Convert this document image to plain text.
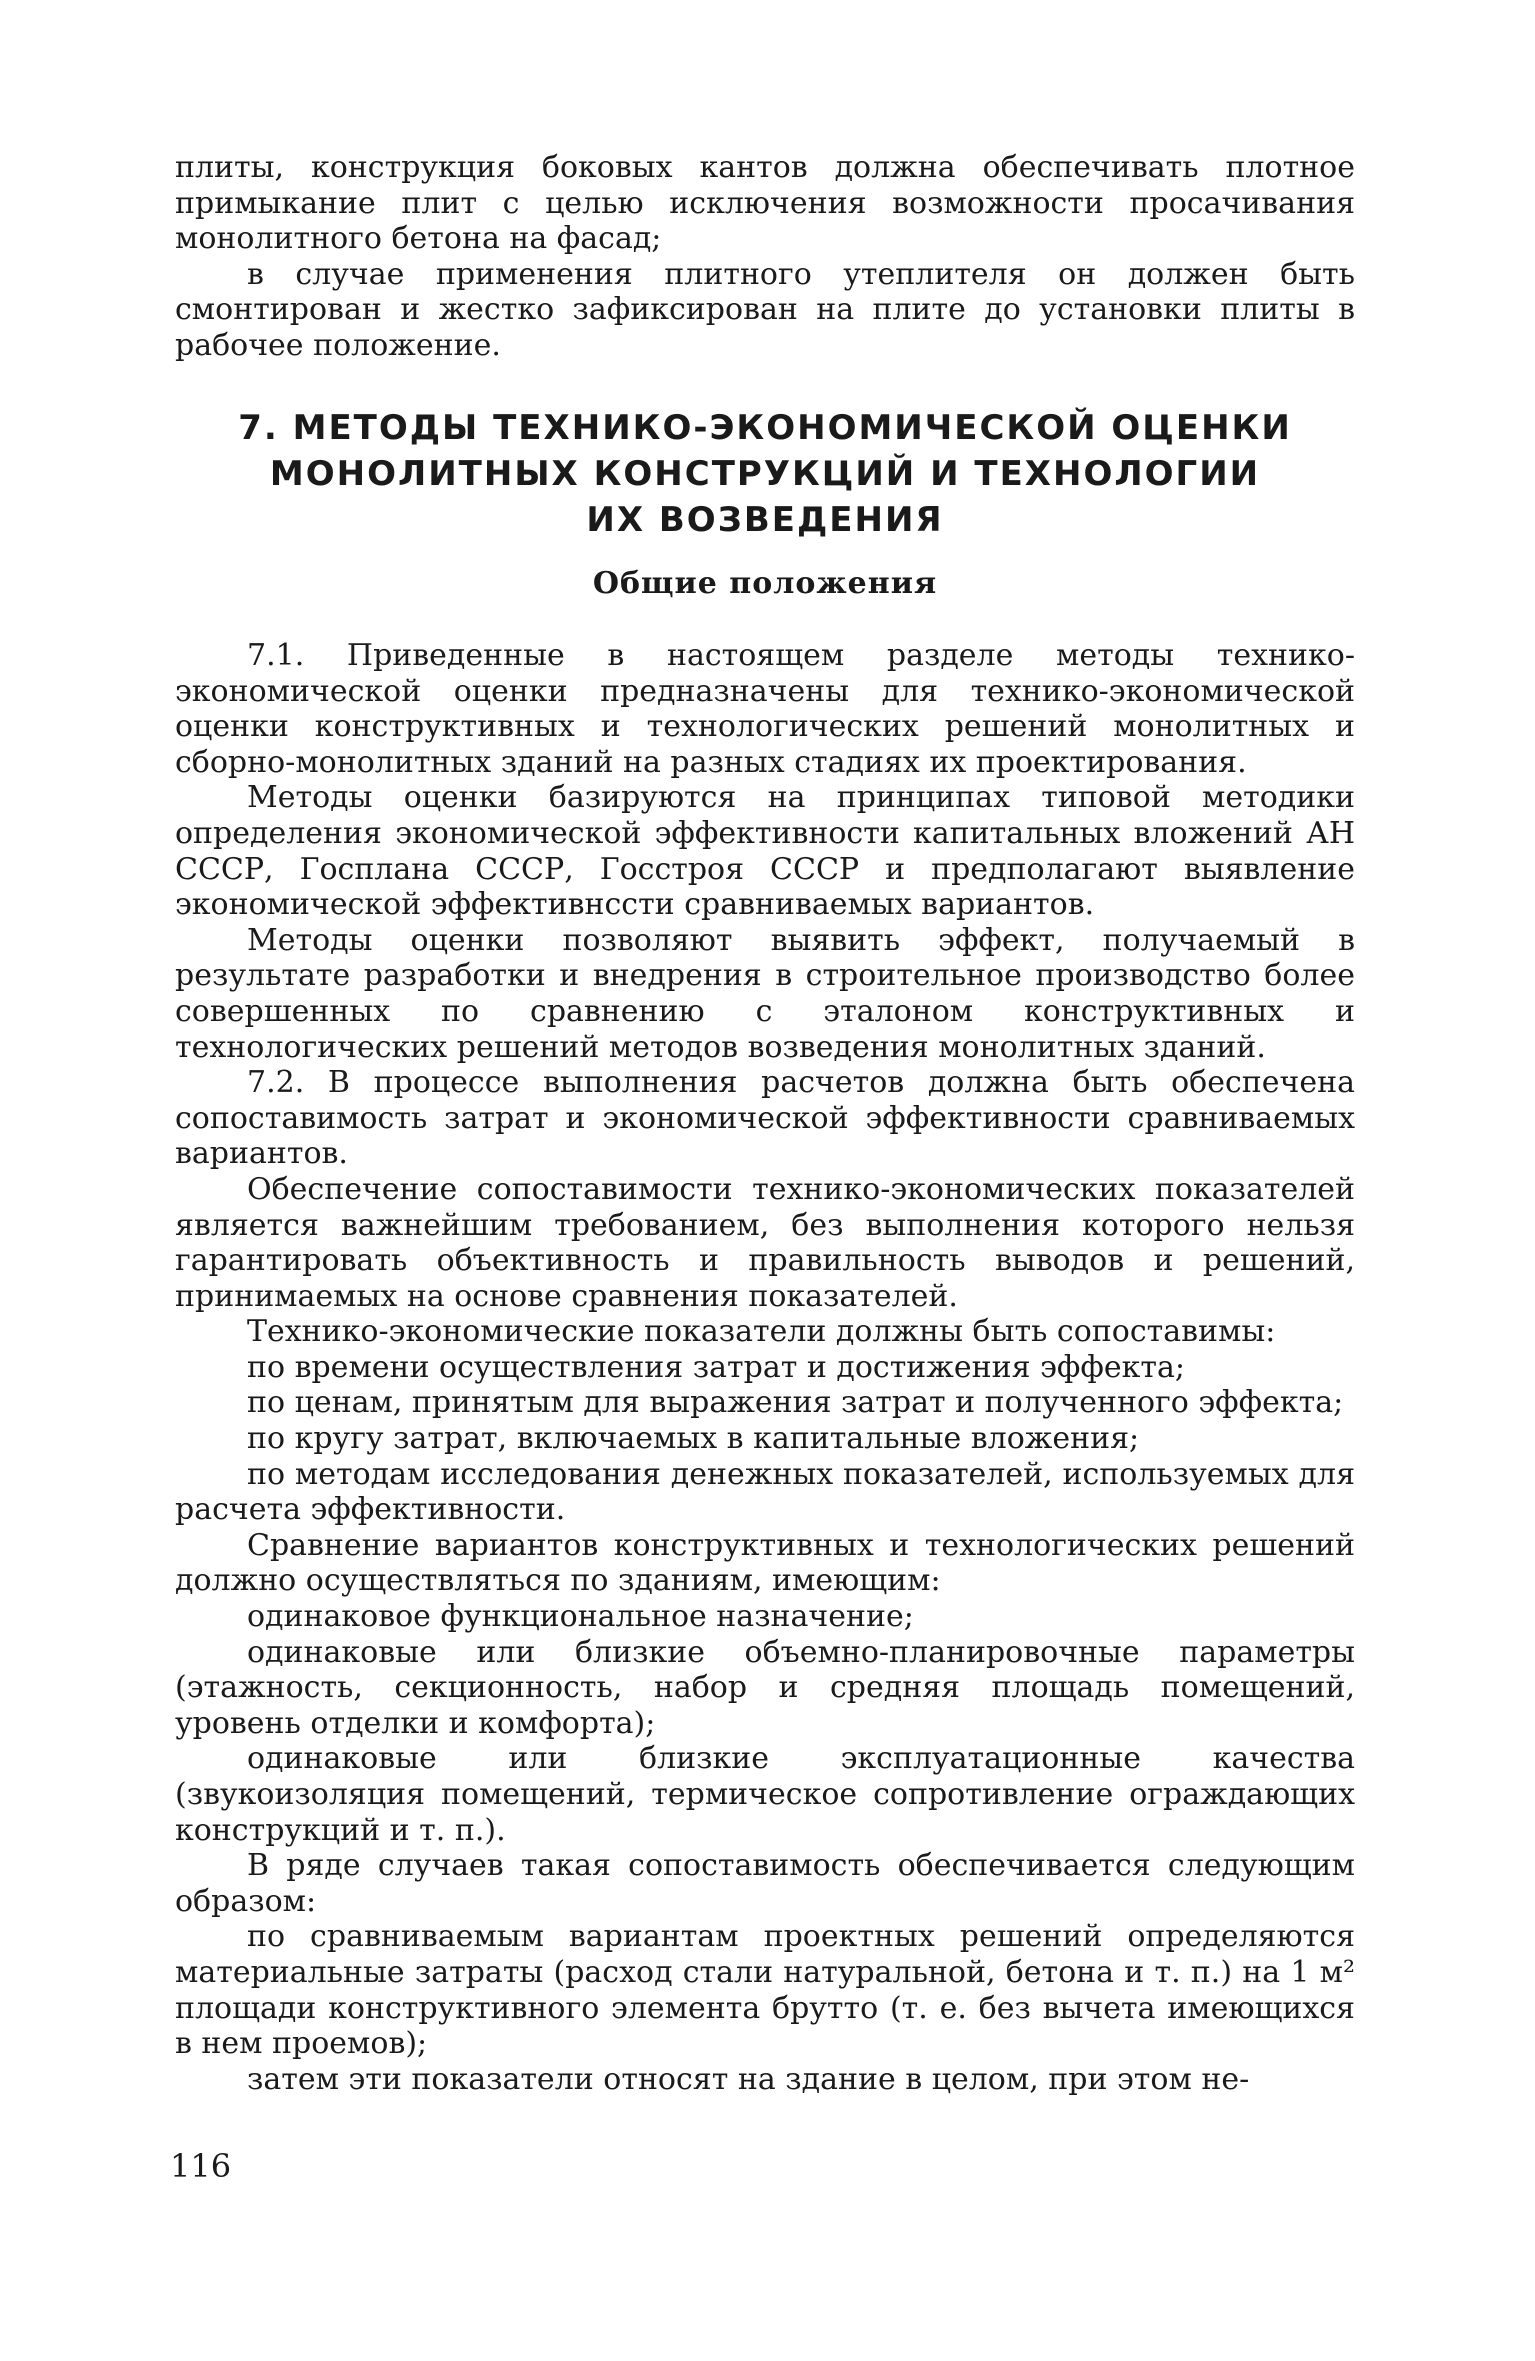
плиты, конструкция боковых кантов должна обеспечивать плотное примыкание плит с целью исключения возможности просачивания монолитного бетона на фасад;

в случае применения плитного утеплителя он должен быть смонтирован и жестко зафиксирован на плите до установки плиты в рабочее положение.

7. МЕТОДЫ ТЕХНИКО-ЭКОНОМИЧЕСКОЙ ОЦЕНКИ
МОНОЛИТНЫХ КОНСТРУКЦИЙ И ТЕХНОЛОГИИ
ИХ ВОЗВЕДЕНИЯ
Общие положения

7.1. Приведенные в настоящем разделе методы технико-экономической оценки предназначены для технико-экономической оценки конструктивных и технологических решений монолитных и сборно-монолитных зданий на разных стадиях их проектирования.

Методы оценки базируются на принципах типовой методики определения экономической эффективности капитальных вложений АН СССР, Госплана СССР, Госстроя СССР и предполагают выявление экономической эффективнсcти сравниваемых вариантов.

Методы оценки позволяют выявить эффект, получаемый в результате разработки и внедрения в строительное производство более совершенных по сравнению с эталоном конструктивных и технологических решений методов возведения монолитных зданий.

7.2. В процессе выполнения расчетов должна быть обеспечена сопоставимость затрат и экономической эффективности сравниваемых вариантов.

Обеспечение сопоставимости технико-экономических показателей является важнейшим требованием, без выполнения которого нельзя гарантировать объективность и правильность выводов и решений, принимаемых на основе сравнения показателей.

Технико-экономические показатели должны быть сопоставимы:

по времени осуществления затрат и достижения эффекта;

по ценам, принятым для выражения затрат и полученного эффекта;

по кругу затрат, включаемых в капитальные вложения;

по методам исследования денежных показателей, используемых для расчета эффективности.

Сравнение вариантов конструктивных и технологических решений должно осуществляться по зданиям, имеющим:

одинаковое функциональное назначение;

одинаковые или близкие объемно-планировочные параметры (этажность, секционность, набор и средняя площадь помещений, уровень отделки и комфорта);

одинаковые или близкие эксплуатационные качества (звукоизоляция помещений, термическое сопротивление ограждающих конструкций и т. п.).

В ряде случаев такая сопоставимость обеспечивается следующим образом:

по сравниваемым вариантам проектных решений определяются материальные затраты (расход стали натуральной, бетона и т. п.) на 1 м² площади конструктивного элемента брутто (т. е. без вычета имеющихся в нем проемов);

затем эти показатели относят на здание в целом, при этом не-

116
